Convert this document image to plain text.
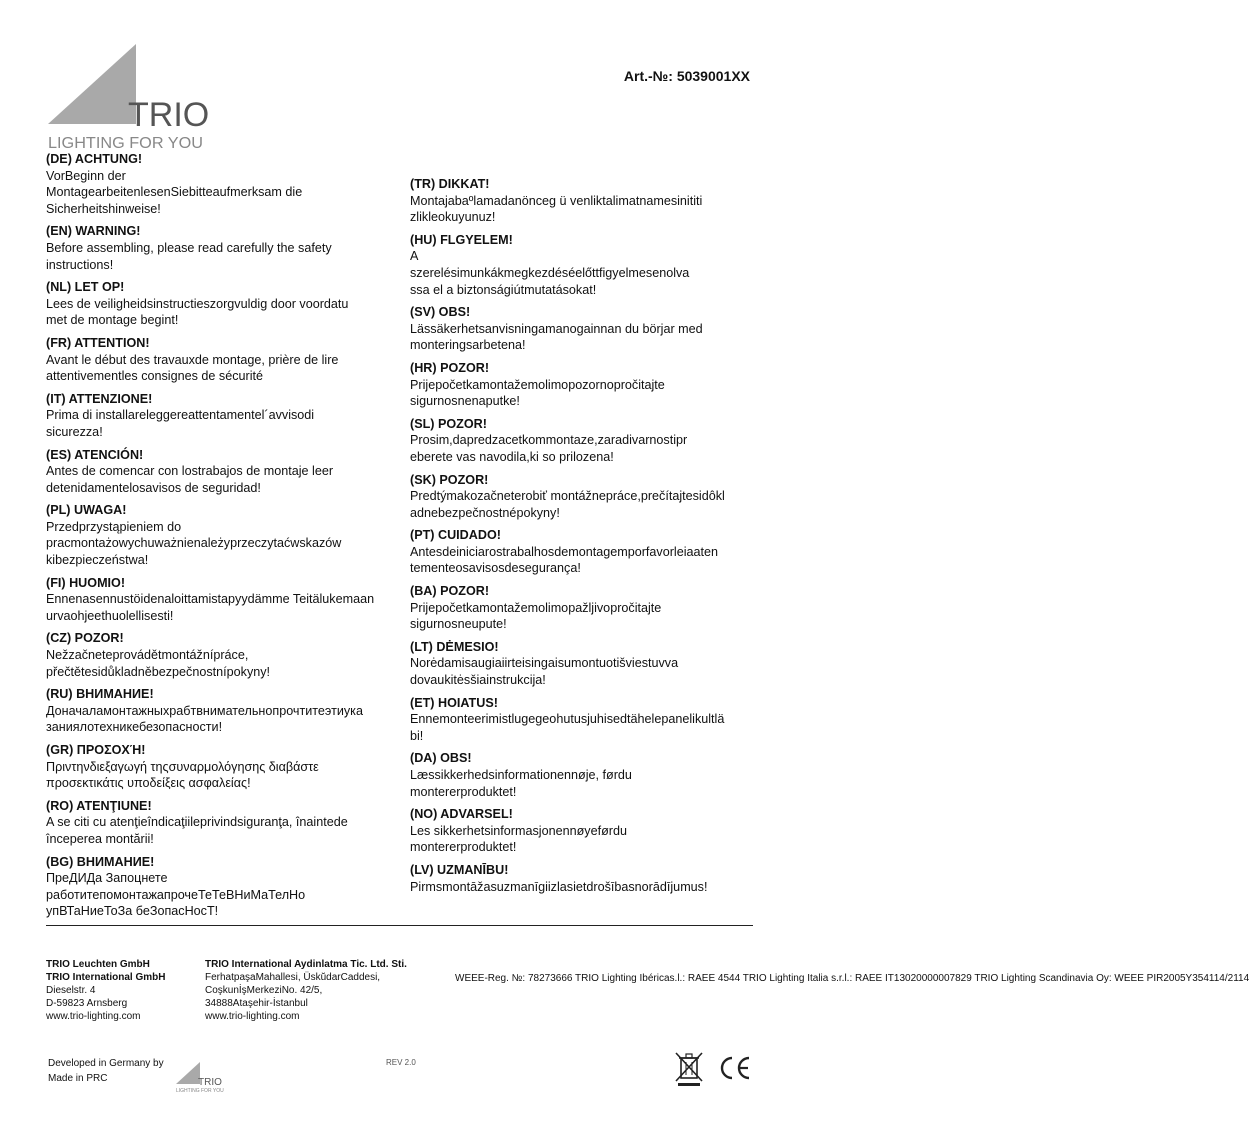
TRIO
LIGHTING FOR YOU
Art.-№: 5039001XX
(DE) ACHTUNG!
VorBeginn der
MontagearbeitenlesenSiebitteaufmerksam die
Sicherheitshinweise!
(EN) WARNING!
Before assembling, please read carefully the safety
instructions!
(NL) LET OP!
Lees de veiligheidsinstructieszorgvuldig door voordatu
met de montage begint!
(FR) ATTENTION!
Avant le début des travauxde montage, prière de lire
attentivementles consignes de sécurité
(IT) ATTENZIONE!
Prima di installareleggereattentamentel´avvisodi
sicurezza!
(ES) ATENCIÓN!
Antes de comencar con lostrabajos de montaje leer
detenidamentelosavisos de seguridad!
(PL) UWAGA!
Przedprzystąpieniem do
pracmontażowychuważnienależyprzeczytaćwskazów
kibezpieczeństwa!
(FI) HUOMIO!
Ennenasennustöidenaloittamistapyydämme Teitälukemaan
urvaohjeethuolellisesti!
(CZ) POZOR!
Nežzačneteprovádětmontážnípráce,
přečtětesidůkladněbezpečnostnípokyny!
(RU) ВНИМАНИЕ!
Доначаламонтажныхрабтвнимательнопрочтитеэтиука
заниялотехникебезопасности!
(GR) ΠΡΟΣΟΧΉ!
Πριντηνδιεξαγωγή τηςσυναρμολόγησης διαβάστε
προσεκτικάτις υποδείξεις ασφαλείας!
(RO) ATENŢIUNE!
A se citi cu atenţieîndicaţiileprivindsiguranţa, înaintede
începerea montării!
(BG) ВНИМАНИЕ!
ПреДИДа Запоцнете
работитепомонтажапрочеТеТеВНиМаТелНо
упВТаНиеТоЗа беЗопасНосТ!
(TR) DIKKAT!
Montajabaºlamadanönceg ü venliktalimatnamesinititi
zlikleokuyunuz!
(HU) FLGYELEM!
A
szerelésimunkákmegkezdéséelőttfigyelmesenolva
ssa el a biztonságiútmutatásokat!
(SV) OBS!
Lässäkerhetsanvisningamanogainnan du börjar med
monteringsarbetena!
(HR) POZOR!
Prijepočetkamontažemolimopozornopročitajte
sigurnosnenaputke!
(SL) POZOR!
Prosim,dapredzacetkommontaze,zaradivarnostipr
eberete vas navodila,ki so prilozena!
(SK) POZOR!
Predtýmakozačneterobiť montážnepráce,prečítajtesidôkl
adnebezpečnostnépokyny!
(PT) CUIDADO!
Antesdeiniciarostrabalhosdemontagemporfavorleiaaten
tementeosavisosdesegurança!
(BA) POZOR!
Prijepočetkamontažemolimopažljivopročitajte
sigurnosneupute!
(LT) DĖMESIO!
Norėdamisaugiaiirteisingaisumontuotišviestuvva
dovaukitėsšiainstrukcija!
(ET) HOIATUS!
Ennemonteerimistlugegeohutusjuhisedtähelepanelikultlä
bi!
(DA) OBS!
Læssikkerhedsinformationennøje, førdu
montererproduktet!
(NO) ADVARSEL!
Les sikkerhetsinformasjonennøyeførdu
montererproduktet!
(LV) UZMANĪBU!
Pirmsmontāžasuzmanīgiizlasietdrošībasnorādījumus!
TRIO Leuchten GmbH
TRIO International GmbH
Dieselstr. 4
D-59823 Arnsberg
www.trio-lighting.com
TRIO International Aydinlatma Tic. Ltd. Sti.
FerhatpaşaMahallesi, ÜskŭdarCaddesi,
CoşkunİşMerkeziNo. 42/5,
34888Ataşehir-İstanbul
www.trio-lighting.com
WEEE-Reg. №: 78273666 TRIO Lighting Ibéricas.l.: RAEE 4544 TRIO Lighting Italia s.r.l.: RAEE IT13020000007829 TRIO Lighting Scandinavia Oy: WEEE PIR2005Y354114/2114
Developed in Germany by
Made in PRC	TRIO
LIGHTING FOR YOU
REV 2.0
